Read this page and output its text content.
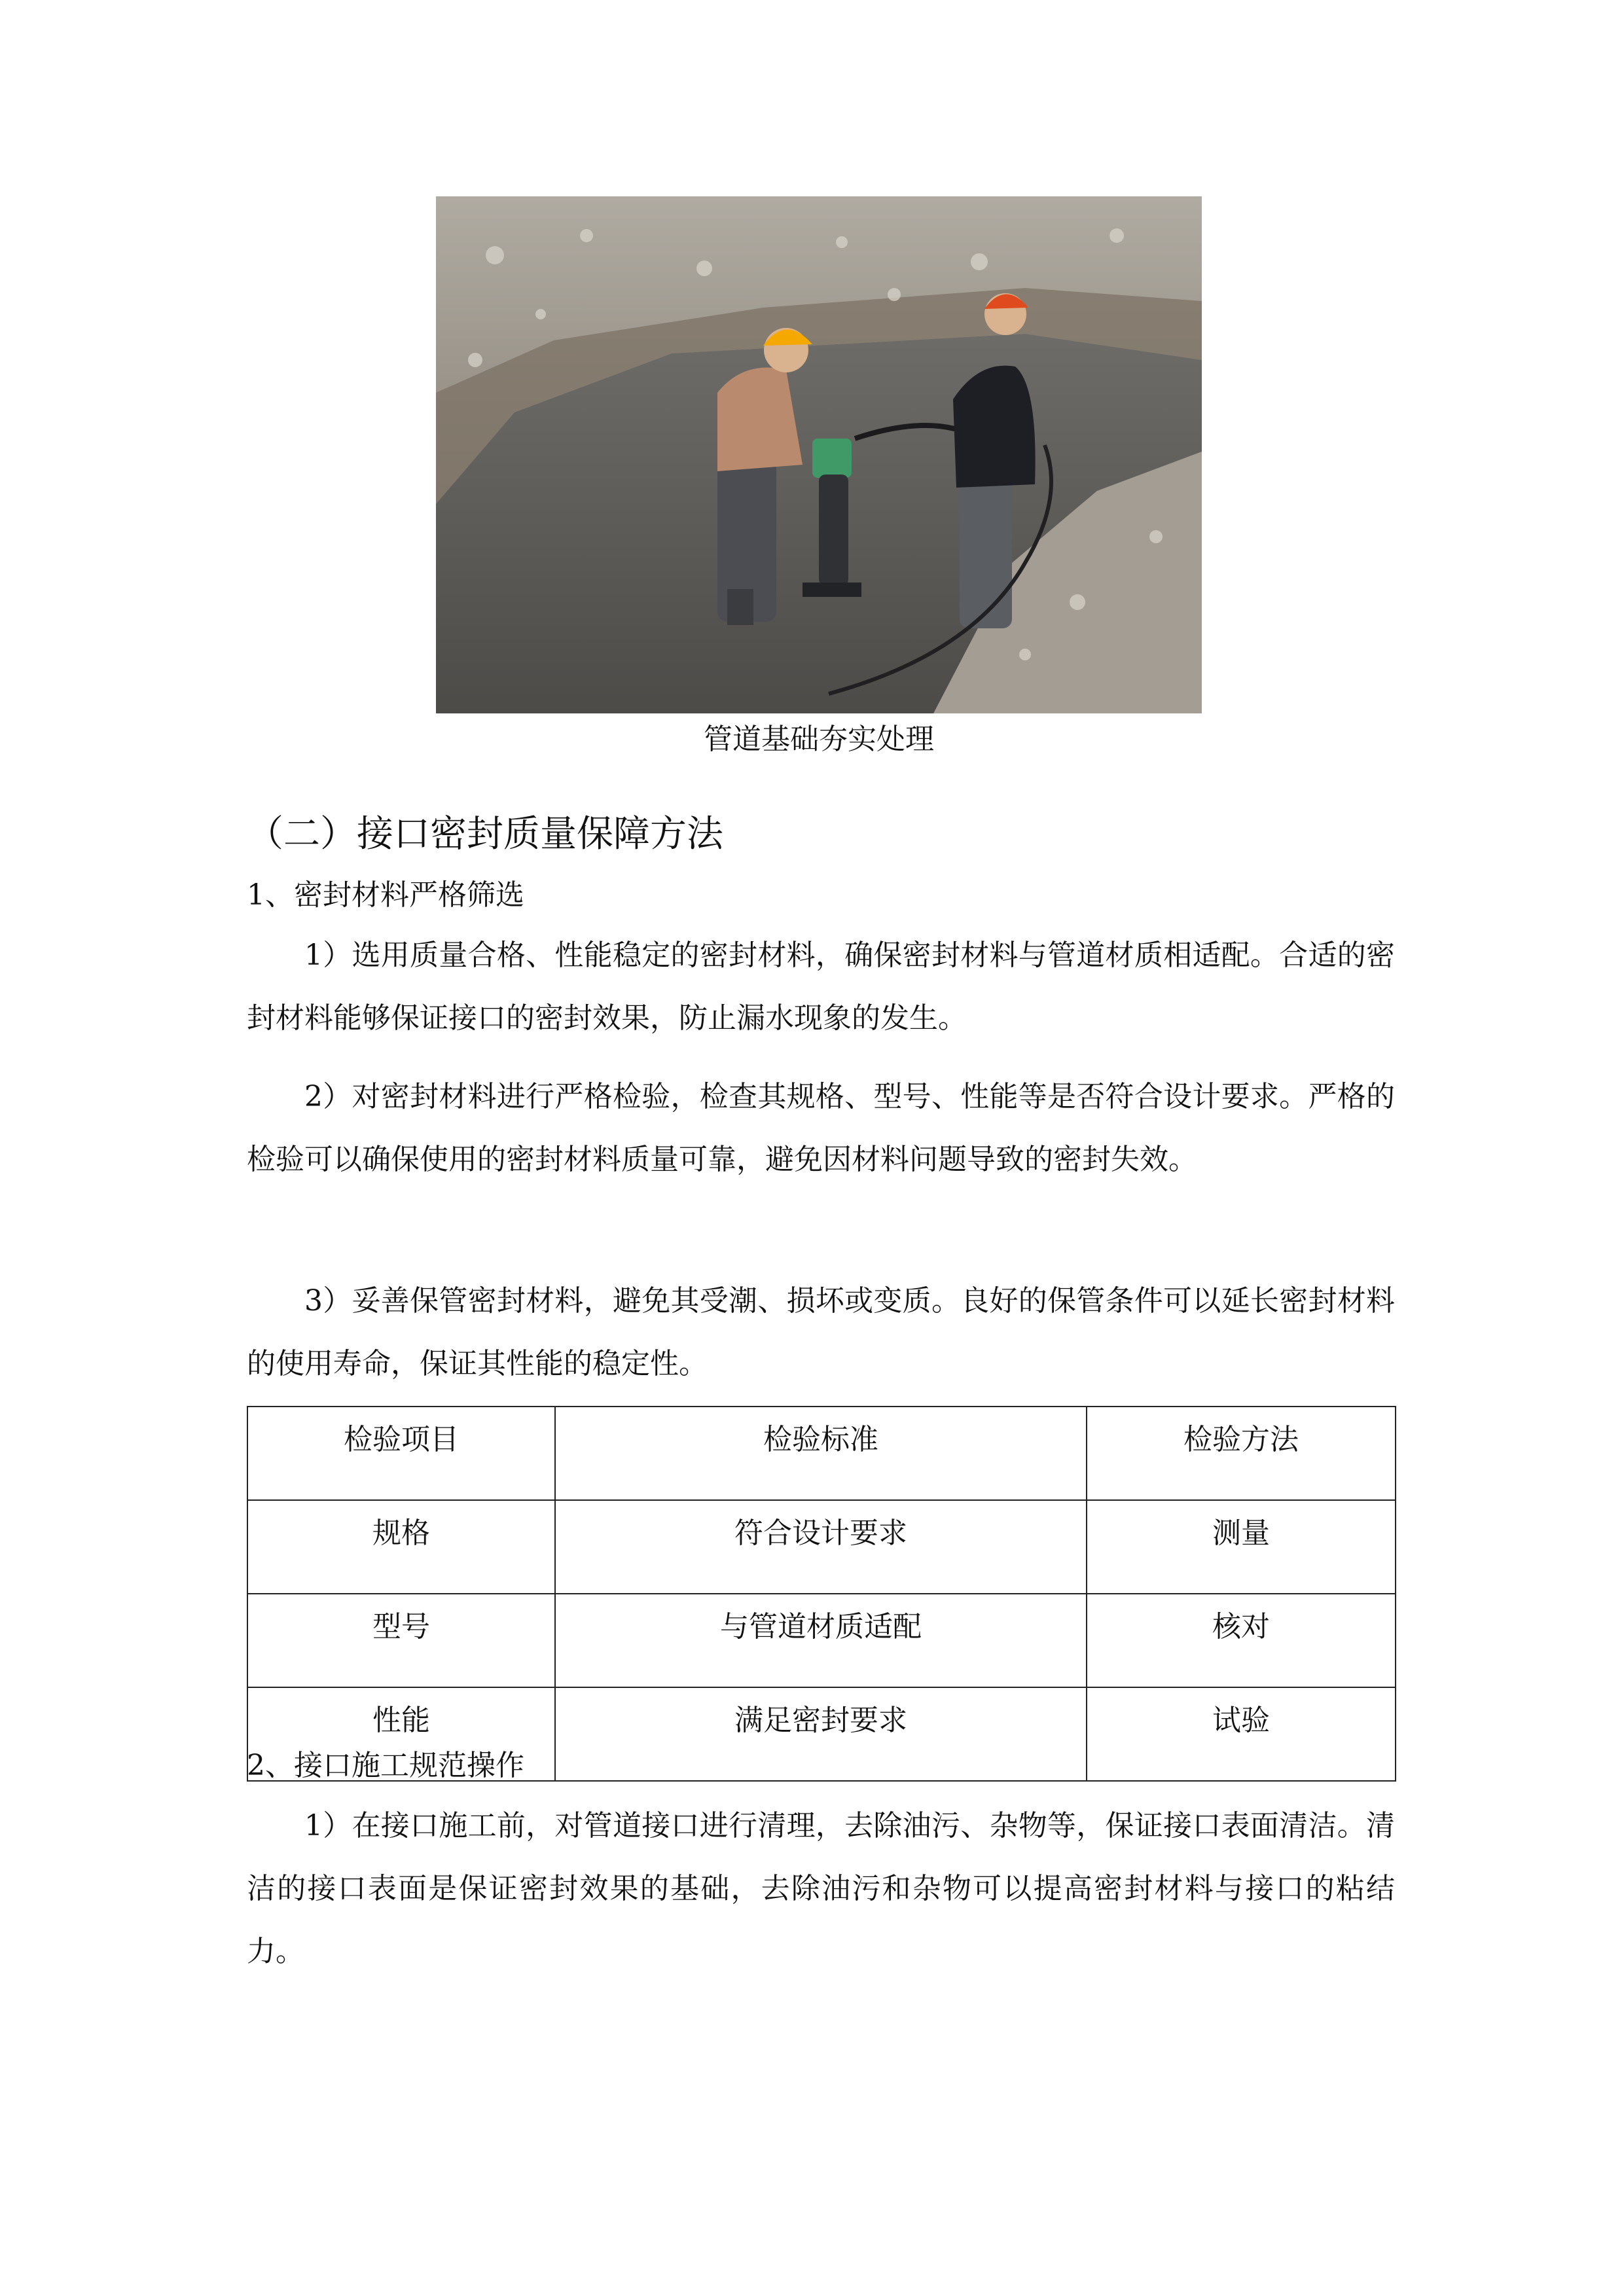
管道基础夯实处理
（二）接口密封质量保障方法
1、密封材料严格筛选
1）选用质量合格、性能稳定的密封材料，确保密封材料与管道材质相适配。合适的密封材料能够保证接口的密封效果，防止漏水现象的发生。
2）对密封材料进行严格检验，检查其规格、型号、性能等是否符合设计要求。严格的检验可以确保使用的密封材料质量可靠，避免因材料问题导致的密封失效。
3）妥善保管密封材料，避免其受潮、损坏或变质。良好的保管条件可以延长密封材料的使用寿命，保证其性能的稳定性。
检验项目	检验标准	检验方法
规格	符合设计要求	测量
型号	与管道材质适配	核对
性能	满足密封要求	试验
2、接口施工规范操作
1）在接口施工前，对管道接口进行清理，去除油污、杂物等，保证接口表面清洁。清洁的接口表面是保证密封效果的基础，去除油污和杂物可以提高密封材料与接口的粘结力。
